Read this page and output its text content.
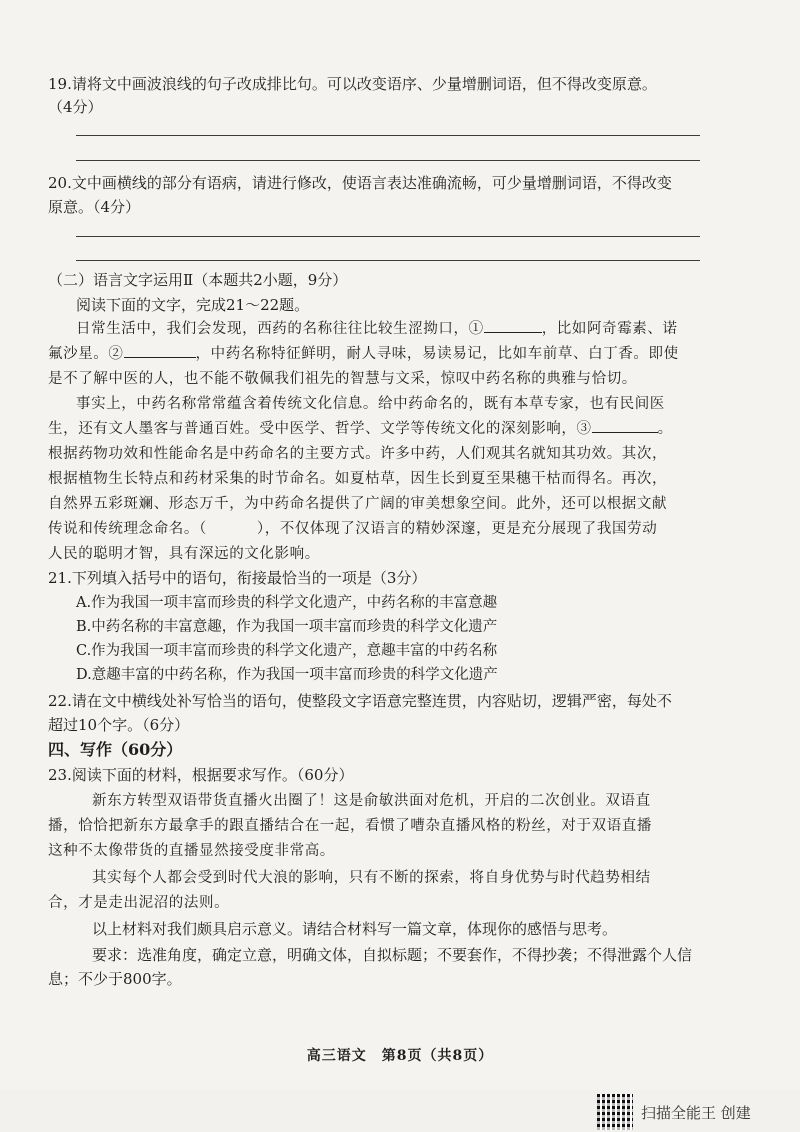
19.请将文中画波浪线的句子改成排比句。可以改变语序、少量增删词语，但不得改变原意。
（4分）
20.文中画横线的部分有语病，请进行修改，使语言表达准确流畅，可少量增删词语，不得改变
原意。（4分）
（二）语言文字运用Ⅱ（本题共2小题，9分）
阅读下面的文字，完成21～22题。
日常生活中，我们会发现，西药的名称往往比较生涩拗口，①	，比如阿奇霉素、诺
氟沙星。②	，中药名称特征鲜明，耐人寻味，易读易记，比如车前草、白丁香。即使
是不了解中医的人，也不能不敬佩我们祖先的智慧与文采，惊叹中药名称的典雅与恰切。
事实上，中药名称常常蕴含着传统文化信息。给中药命名的，既有本草专家，也有民间医
生，还有文人墨客与普通百姓。受中医学、哲学、文学等传统文化的深刻影响，③	。
根据药物功效和性能命名是中药命名的主要方式。许多中药，人们观其名就知其功效。其次，
根据植物生长特点和药材采集的时节命名。如夏枯草，因生长到夏至果穗干枯而得名。再次，
自然界五彩斑斓、形态万千，为中药命名提供了广阔的审美想象空间。此外，还可以根据文献
传说和传统理念命名。（	），不仅体现了汉语言的精妙深邃，更是充分展现了我国劳动
人民的聪明才智，具有深远的文化影响。
21.下列填入括号中的语句，衔接最恰当的一项是（3分）
A.作为我国一项丰富而珍贵的科学文化遗产，中药名称的丰富意趣
B.中药名称的丰富意趣，作为我国一项丰富而珍贵的科学文化遗产
C.作为我国一项丰富而珍贵的科学文化遗产，意趣丰富的中药名称
D.意趣丰富的中药名称，作为我国一项丰富而珍贵的科学文化遗产
22.请在文中横线处补写恰当的语句，使整段文字语意完整连贯，内容贴切，逻辑严密，每处不
超过10个字。（6分）
四、写作（60分）
23.阅读下面的材料，根据要求写作。（60分）
新东方转型双语带货直播火出圈了！这是俞敏洪面对危机，开启的二次创业。双语直
播，恰恰把新东方最拿手的跟直播结合在一起，看惯了嘈杂直播风格的粉丝，对于双语直播
这种不太像带货的直播显然接受度非常高。
其实每个人都会受到时代大浪的影响，只有不断的探索，将自身优势与时代趋势相结
合，才是走出泥沼的法则。
以上材料对我们颇具启示意义。请结合材料写一篇文章，体现你的感悟与思考。
要求：选准角度，确定立意，明确文体，自拟标题；不要套作，不得抄袭；不得泄露个人信
息；不少于800字。
高三语文　第8页（共8页）
扫描全能王 创建
